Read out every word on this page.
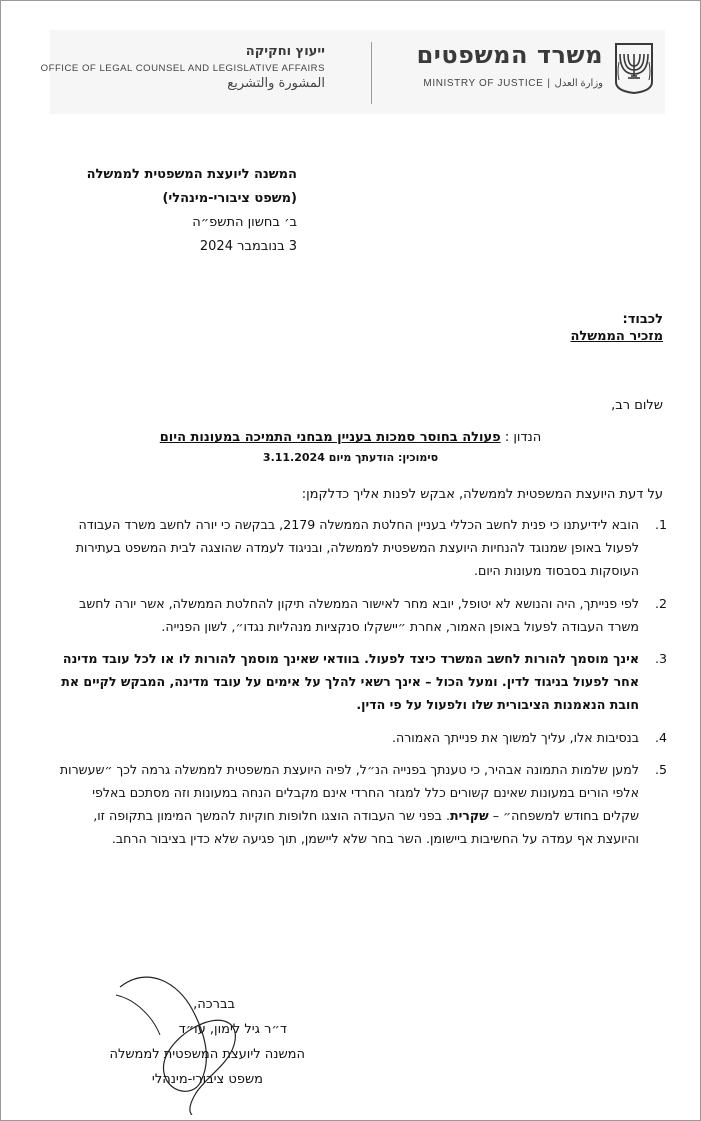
משרד המשפטים
MINISTRY OF JUSTICE | وزارة العدل
ייעוץ וחקיקה
OFFICE OF LEGAL COUNSEL AND LEGISLATIVE AFFAIRS
المشورة والتشريع
המשנה ליועצת המשפטית לממשלה
(משפט ציבורי-מינהלי)
ב׳ בחשון התשפ״ה
3 בנובמבר 2024
לכבוד:
מזכיר הממשלה
שלום רב,
הנדון : פעולה בחוסר סמכות בעניין מבחני התמיכה במעונות היום
סימוכין: הודעתך מיום 3.11.2024
על דעת היועצת המשפטית לממשלה, אבקש לפנות אליך כדלקמן:
1.

הובא לידיעתנו כי פנית לחשב הכללי בעניין החלטת הממשלה 2179, בבקשה כי יורה לחשב משרד העבודה לפעול באופן שמנוגד להנחיות היועצת המשפטית לממשלה, ובניגוד לעמדה שהוצגה לבית המשפט בעתירות העוסקות בסבסוד מעונות היום.

2.

לפי פנייתך, היה והנושא לא יטופל, יובא מחר לאישור הממשלה תיקון להחלטת הממשלה, אשר יורה לחשב משרד העבודה לפעול באופן האמור, אחרת ״יישקלו סנקציות מנהליות נגדו״, לשון הפנייה.

3.

אינך מוסמך להורות לחשב המשרד כיצד לפעול. בוודאי שאינך מוסמך להורות לו או לכל עובד מדינה אחר לפעול בניגוד לדין. ומעל הכול – אינך רשאי להלך על אימים על עובד מדינה, המבקש לקיים את חובת הנאמנות הציבורית שלו ולפעול על פי הדין.

4.

בנסיבות אלו, עליך למשוך את פנייתך האמורה.

5.

למען שלמות התמונה אבהיר, כי טענתך בפנייה הנ״ל, לפיה היועצת המשפטית לממשלה גרמה לכך ״שעשרות אלפי הורים במעונות שאינם קשורים כלל למגזר החרדי אינם מקבלים הנחה במעונות וזה מסתכם באלפי שקלים בחודש למשפחה״ – שקרית. בפני שר העבודה הוצגו חלופות חוקיות להמשך המימון בתקופה זו, והיועצת אף עמדה על החשיבות ביישומן. השר בחר שלא ליישמן, תוך פגיעה שלא כדין בציבור הרחב.

בברכה,
ד״ר גיל לימון, עו״ד
המשנה ליועצת המשפטית לממשלה
משפט ציבורי-מינהלי
